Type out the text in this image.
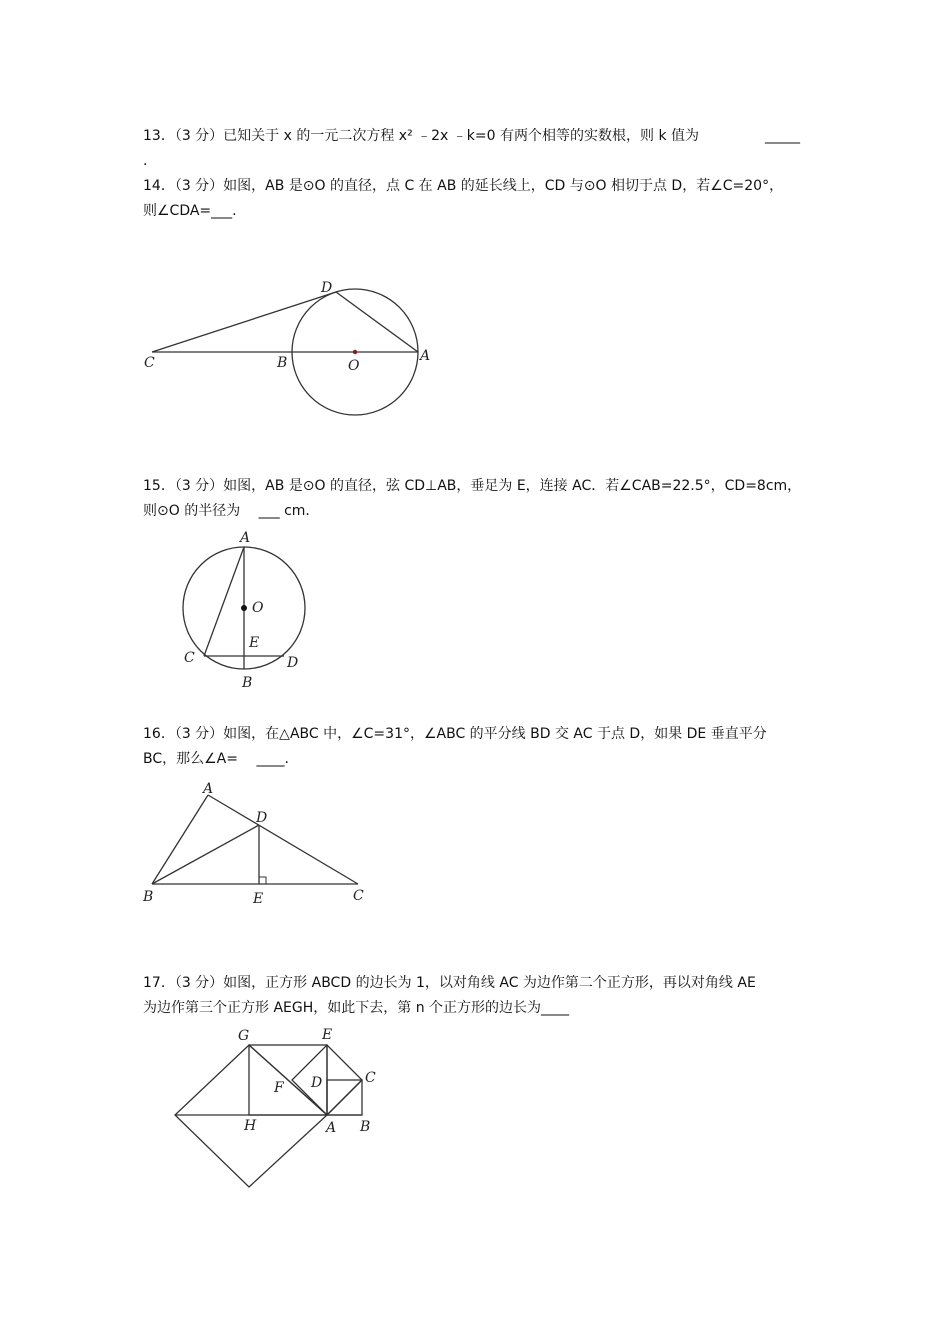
13．（3 分）已知关于 x 的一元二次方程 x² ﹣2x ﹣k=0 有两个相等的实数根，则 k 值为	_____

.
14．（3 分）如图，AB 是⊙O 的直径，点 C 在 AB 的延长线上，CD 与⊙O 相切于点 D，若∠C=20°，
则∠CDA=___.
C	B	O
A
D
15．（3 分）如图，AB 是⊙O 的直径，弦 CD⊥AB，垂足为 E，连接 AC．若∠CAB=22.5°，CD=8cm，
则⊙O 的半径为　 ___ cm．
A
O
E
C	D
B
16．（3 分）如图，在△ABC 中，∠C=31°，∠ABC 的平分线 BD 交 AC 于点 D，如果 DE 垂直平分
BC，那么∠A=　 ____.
A
D
B	E	C
17．（3 分）如图，正方形 ABCD 的边长为 1，以对角线 AC 为边作第二个正方形，再以对角线 AE
为边作第三个正方形 AEGH，如此下去，第 n 个正方形的边长为____
G	E
C
D
F
H	A B
